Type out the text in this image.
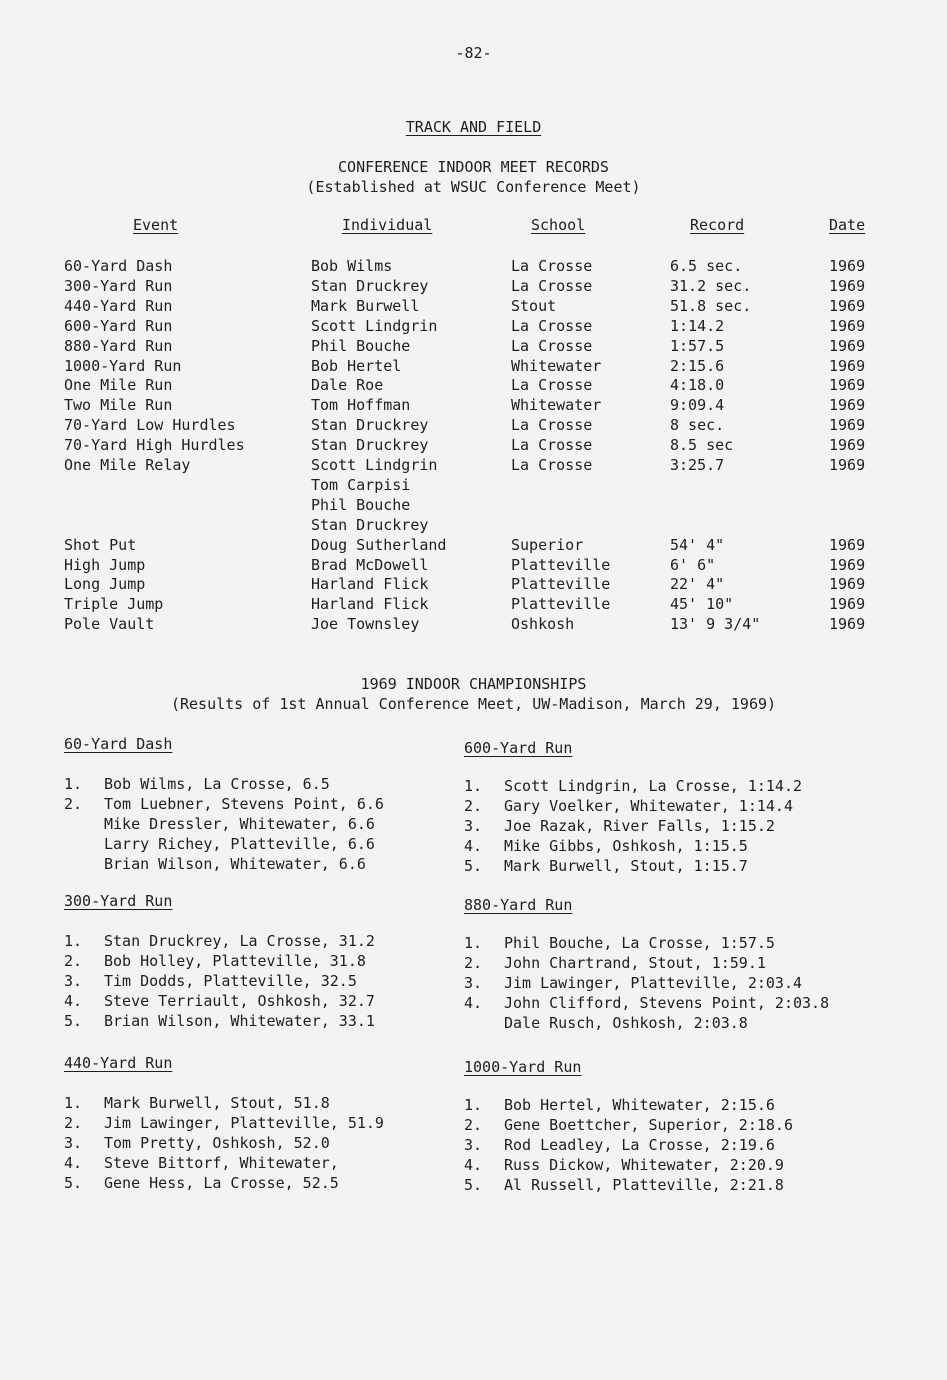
-82-
TRACK AND FIELD
CONFERENCE INDOOR MEET RECORDS
(Established at WSUC Conference Meet)
Event	Individual	School	Record	Date
60-Yard Dash	Bob Wilms	La Crosse	6.5 sec.	1969
300-Yard Run	Stan Druckrey	La Crosse	31.2 sec.	1969
440-Yard Run	Mark Burwell	Stout	51.8 sec.	1969
600-Yard Run	Scott Lindgrin	La Crosse	1:14.2	1969
880-Yard Run	Phil Bouche	La Crosse	1:57.5	1969
1000-Yard Run	Bob Hertel	Whitewater	2:15.6	1969
One Mile Run	Dale Roe	La Crosse	4:18.0	1969
Two Mile Run	Tom Hoffman	Whitewater	9:09.4	1969
70-Yard Low Hurdles	Stan Druckrey	La Crosse	8 sec.	1969
70-Yard High Hurdles	Stan Druckrey	La Crosse	8.5 sec	1969
One Mile Relay	Scott Lindgrin	La Crosse	3:25.7	1969
Tom Carpisi
Phil Bouche
Stan Druckrey
Shot Put	Doug Sutherland	Superior	54' 4"	1969
High Jump	Brad McDowell	Platteville	6' 6"	1969
Long Jump	Harland Flick	Platteville	22' 4"	1969
Triple Jump	Harland Flick	Platteville	45' 10"	1969
Pole Vault	Joe Townsley	Oshkosh	13' 9 3/4"	1969
1969 INDOOR CHAMPIONSHIPS
(Results of 1st Annual Conference Meet, UW-Madison, March 29, 1969)
60-Yard Dash
1. Bob Wilms, La Crosse, 6.5
2. Tom Luebner, Stevens Point, 6.6
Mike Dressler, Whitewater, 6.6
Larry Richey, Platteville, 6.6
Brian Wilson, Whitewater, 6.6
300-Yard Run
1. Stan Druckrey, La Crosse, 31.2
2. Bob Holley, Platteville, 31.8
3. Tim Dodds, Platteville, 32.5
4. Steve Terriault, Oshkosh, 32.7
5. Brian Wilson, Whitewater, 33.1
440-Yard Run
1. Mark Burwell, Stout, 51.8
2. Jim Lawinger, Platteville, 51.9
3. Tom Pretty, Oshkosh, 52.0
4. Steve Bittorf, Whitewater,
5. Gene Hess, La Crosse, 52.5
600-Yard Run
1. Scott Lindgrin, La Crosse, 1:14.2
2. Gary Voelker, Whitewater, 1:14.4
3. Joe Razak, River Falls, 1:15.2
4. Mike Gibbs, Oshkosh, 1:15.5
5. Mark Burwell, Stout, 1:15.7
880-Yard Run
1. Phil Bouche, La Crosse, 1:57.5
2. John Chartrand, Stout, 1:59.1
3. Jim Lawinger, Platteville, 2:03.4
4. John Clifford, Stevens Point, 2:03.8
Dale Rusch, Oshkosh, 2:03.8
1000-Yard Run
1. Bob Hertel, Whitewater, 2:15.6
2. Gene Boettcher, Superior, 2:18.6
3. Rod Leadley, La Crosse, 2:19.6
4. Russ Dickow, Whitewater, 2:20.9
5. Al Russell, Platteville, 2:21.8
